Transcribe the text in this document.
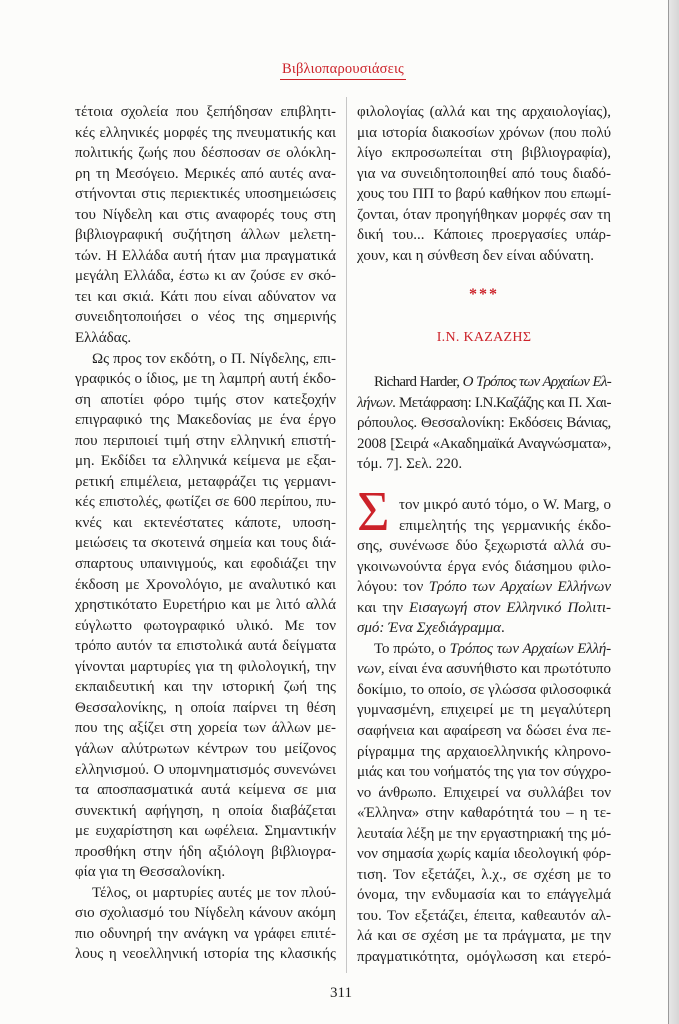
Βιβλιοπαρουσιάσεις
τέτοια σχολεία που ξεπήδησαν επιβλητι-
κές ελληνικές μορφές της πνευματικής και
πολιτικής ζωής που δέσποσαν σε ολόκλη-
ρη τη Μεσόγειο. Μερικές από αυτές ανα-
στήνονται στις περιεκτικές υποσημειώσεις
του Νίγδελη και στις αναφορές τους στη
βιβλιογραφική συζήτηση άλλων μελετη-
τών. Η Ελλάδα αυτή ήταν μια πραγματικά
μεγάλη Ελλάδα, έστω κι αν ζούσε εν σκό-
τει και σκιά. Κάτι που είναι αδύνατον να
συνειδητοποιήσει ο νέος της σημερινής
Ελλάδας.
Ως προς τον εκδότη, ο Π. Νίγδελης, επι-
γραφικός ο ίδιος, με τη λαμπρή αυτή έκδο-
ση αποτίει φόρο τιμής στον κατεξοχήν
επιγραφικό της Μακεδονίας με ένα έργο
που περιποιεί τιμή στην ελληνική επιστή-
μη. Εκδίδει τα ελληνικά κείμενα με εξαι-
ρετική επιμέλεια, μεταφράζει τις γερμανι-
κές επιστολές, φωτίζει σε 600 περίπου, πυ-
κνές και εκτενέστατες κάποτε, υποση-
μειώσεις τα σκοτεινά σημεία και τους διά-
σπαρτους υπαινιγμούς, και εφοδιάζει την
έκδοση με Χρονολόγιο, με αναλυτικό και
χρηστικότατο Ευρετήριο και με λιτό αλλά
εύγλωττο φωτογραφικό υλικό. Με τον
τρόπο αυτόν τα επιστολικά αυτά δείγματα
γίνονται μαρτυρίες για τη φιλολογική, την
εκπαιδευτική και την ιστορική ζωή της
Θεσσαλονίκης, η οποία παίρνει τη θέση
που της αξίζει στη χορεία των άλλων με-
γάλων αλύτρωτων κέντρων του μείζονος
ελληνισμού. Ο υπομνηματισμός συνενώνει
τα αποσπασματικά αυτά κείμενα σε μια
συνεκτική αφήγηση, η οποία διαβάζεται
με ευχαρίστηση και ωφέλεια. Σημαντικήν
προσθήκη στην ήδη αξιόλογη βιβλιογρα-
φία για τη Θεσσαλονίκη.
Τέλος, οι μαρτυρίες αυτές με τον πλού-
σιο σχολιασμό του Νίγδελη κάνουν ακόμη
πιο οδυνηρή την ανάγκη να γράφει επιτέ-
λους η νεοελληνική ιστορία της κλασικής
φιλολογίας (αλλά και της αρχαιολογίας),
μια ιστορία διακοσίων χρόνων (που πολύ
λίγο εκπροσωπείται στη βιβλιογραφία),
για να συνειδητοποιηθεί από τους διαδό-
χους του ΠΠ το βαρύ καθήκον που επωμί-
ζονται, όταν προηγήθηκαν μορφές σαν τη
δική του... Κάποιες προεργασίες υπάρ-
χουν, και η σύνθεση δεν είναι αδύνατη.
***
Ι.Ν. ΚΑΖΑΖΗΣ
Richard Harder, Ο Τρόπος των Αρχαίων Ελ-
λήνων. Μετάφραση: Ι.Ν.Καζάζης και Π. Χαι-
ρόπουλος. Θεσσαλονίκη: Εκδόσεις Βάνιας,
2008 [Σειρά «Ακαδημαϊκά Αναγνώσματα»,
τόμ. 7]. Σελ. 220.
Σ τον μικρό αυτό τόμο, ο W. Marg, ο
επιμελητής της γερμανικής έκδο-
σης, συνένωσε δύο ξεχωριστά αλλά συ-
γκοινωνούντα έργα ενός διάσημου φιλο-
λόγου: τον Τρόπο των Αρχαίων Ελλήνων
και την Εισαγωγή στον Ελληνικό Πολιτι-
σμό: Ένα Σχεδιάγραμμα.
Το πρώτο, ο Τρόπος των Αρχαίων Ελλή-
νων, είναι ένα ασυνήθιστο και πρωτότυπο
δοκίμιο, το οποίο, σε γλώσσα φιλοσοφικά
γυμνασμένη, επιχειρεί με τη μεγαλύτερη
σαφήνεια και αφαίρεση να δώσει ένα πε-
ρίγραμμα της αρχαιοελληνικής κληρονο-
μιάς και του νοήματός της για τον σύγχρο-
νο άνθρωπο. Επιχειρεί να συλλάβει τον
«Έλληνα» στην καθαρότητά του – η τε-
λευταία λέξη με την εργαστηριακή της μό-
νον σημασία χωρίς καμία ιδεολογική φόρ-
τιση. Τον εξετάζει, λ.χ., σε σχέση με το
όνομα, την ενδυμασία και το επάγγελμά
του. Τον εξετάζει, έπειτα, καθεαυτόν αλ-
λά και σε σχέση με τα πράγματα, με την
πραγματικότητα, ομόγλωσση και ετερό-
311
